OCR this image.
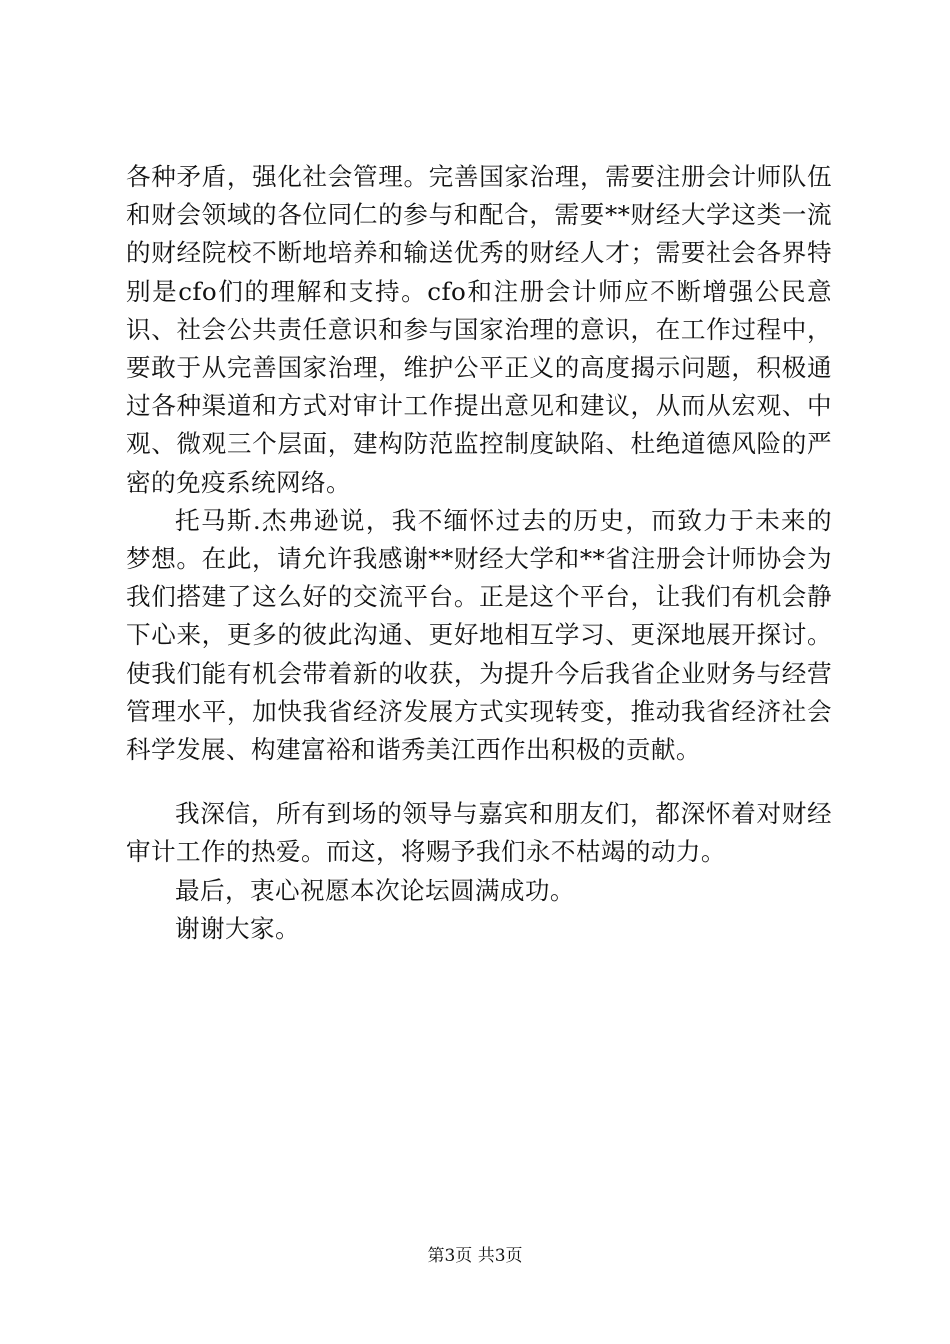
各种矛盾，强化社会管理。完善国家治理，需要注册会计师队伍和财会领域的各位同仁的参与和配合，需要**财经大学这类一流的财经院校不断地培养和输送优秀的财经人才；需要社会各界特别是cfo们的理解和支持。cfo和注册会计师应不断增强公民意识、社会公共责任意识和参与国家治理的意识，在工作过程中，要敢于从完善国家治理，维护公平正义的高度揭示问题，积极通过各种渠道和方式对审计工作提出意见和建议，从而从宏观、中观、微观三个层面，建构防范监控制度缺陷、杜绝道德风险的严密的免疫系统网络。

托马斯.杰弗逊说，我不缅怀过去的历史，而致力于未来的梦想。在此，请允许我感谢**财经大学和**省注册会计师协会为我们搭建了这么好的交流平台。正是这个平台，让我们有机会静下心来，更多的彼此沟通、更好地相互学习、更深地展开探讨。使我们能有机会带着新的收获，为提升今后我省企业财务与经营管理水平，加快我省经济发展方式实现转变，推动我省经济社会科学发展、构建富裕和谐秀美江西作出积极的贡献。

我深信，所有到场的领导与嘉宾和朋友们，都深怀着对财经审计工作的热爱。而这，将赐予我们永不枯竭的动力。

最后，衷心祝愿本次论坛圆满成功。

谢谢大家。

第3页 共3页
